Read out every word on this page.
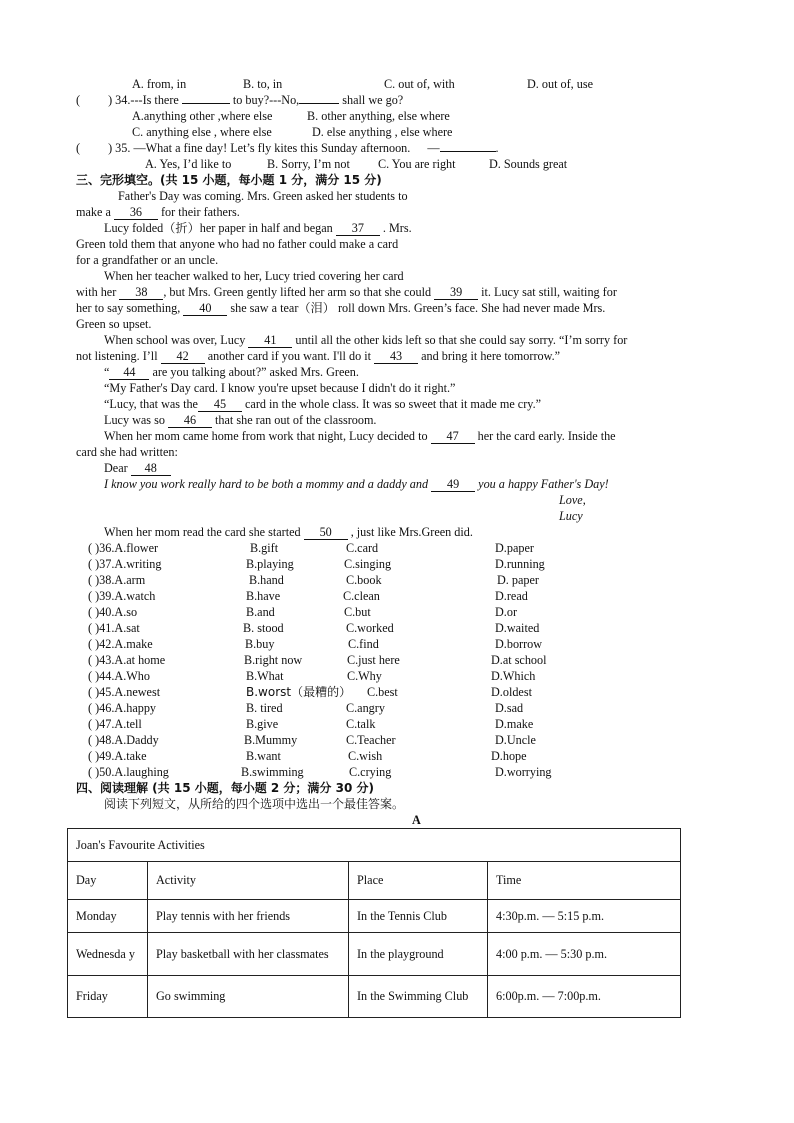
A. from, in	B. to, in	C. out of, with	D. out of, use
( ) 34.---Is there	to buy?---No,	shall we go?
A.anything other ,where else	B. other anything, else where
C. anything else , where else	D. else anything , else where
( ) 35. —What a fine day! Let’s fly kites this Sunday afternoon. —	.
A. Yes, I’d like to	B. Sorry, I’m not C. You are right	D. Sounds great
三、完形填空。(共 15 小题，每小题 1 分，满分 15 分)
Father's Day was coming. Mrs. Green asked her students to
make a 36 for their fathers.
Lucy folded（折）her paper in half and began 37 . Mrs.
Green told them that anyone who had no father could make a card
for a grandfather or an uncle.
When her teacher walked to her, Lucy tried covering her card
with her 38 , but Mrs. Green gently lifted her arm so that she could 39 it. Lucy sat still, waiting for
her to say something, 40 she saw a tear（泪） roll down Mrs. Green’s face. She had never made Mrs.
Green so upset.
When school was over, Lucy 41 until all the other kids left so that she could say sorry. “I’m sorry for
not listening. I’ll 42 another card if you want. I'll do it 43 and bring it here tomorrow.”
“ 44 are you talking about?” asked Mrs. Green.
“My Father's Day card. I know you're upset because I didn't do it right.”
“Lucy, that was the 45 card in the whole class. It was so sweet that it made me cry.”
Lucy was so 46 that she ran out of the classroom.
When her mom came home from work that night, Lucy decided to 47 her the card early. Inside the
card she had written:
Dear 48
I know you work really hard to be both a mommy and a daddy and 49 you a happy Father's Day!
Love,
Lucy
When her mom read the card she started 50 , just like Mrs.Green did.
( )36.A.flower	B.gift	C.card	D.paper
( )37.A.writing	B.playing	C.singing	D.running
( )38.A.arm	B.hand	C.book	D. paper
( )39.A.watch	B.have	C.clean	D.read
( )40.A.so	B.and	C.but	D.or
( )41.A.sat	B. stood	C.worked	D.waited
( )42.A.make	B.buy	C.find	D.borrow
( )43.A.at home	B.right now	C.just here	D.at school
( )44.A.Who	B.What	C.Why	D.Which
( )45.A.newest	B.worst（最糟的） C.best	D.oldest
( )46.A.happy	B. tired	C.angry	D.sad
( )47.A.tell	B.give	C.talk	D.make
( )48.A.Daddy	B.Mummy	C.Teacher	D.Uncle
( )49.A.take	B.want	C.wish	D.hope
( )50.A.laughing	B.swimming	C.crying	D.worrying
四、阅读理解 (共 15 小题，每小题 2 分；满分 30 分)
阅读下列短文，从所给的四个选项中选出一个最佳答案。
A
Joan's Favourite Activities			
Day	Activity	Place	Time
Monday	Play tennis with her friends	In the Tennis Club	4:30p.m. — 5:15 p.m.
Wednesda y	Play basketball with her classmates	In the playground	4:00 p.m. — 5:30 p.m.
Friday	Go swimming	In the Swimming Club	6:00p.m. — 7:00p.m.
